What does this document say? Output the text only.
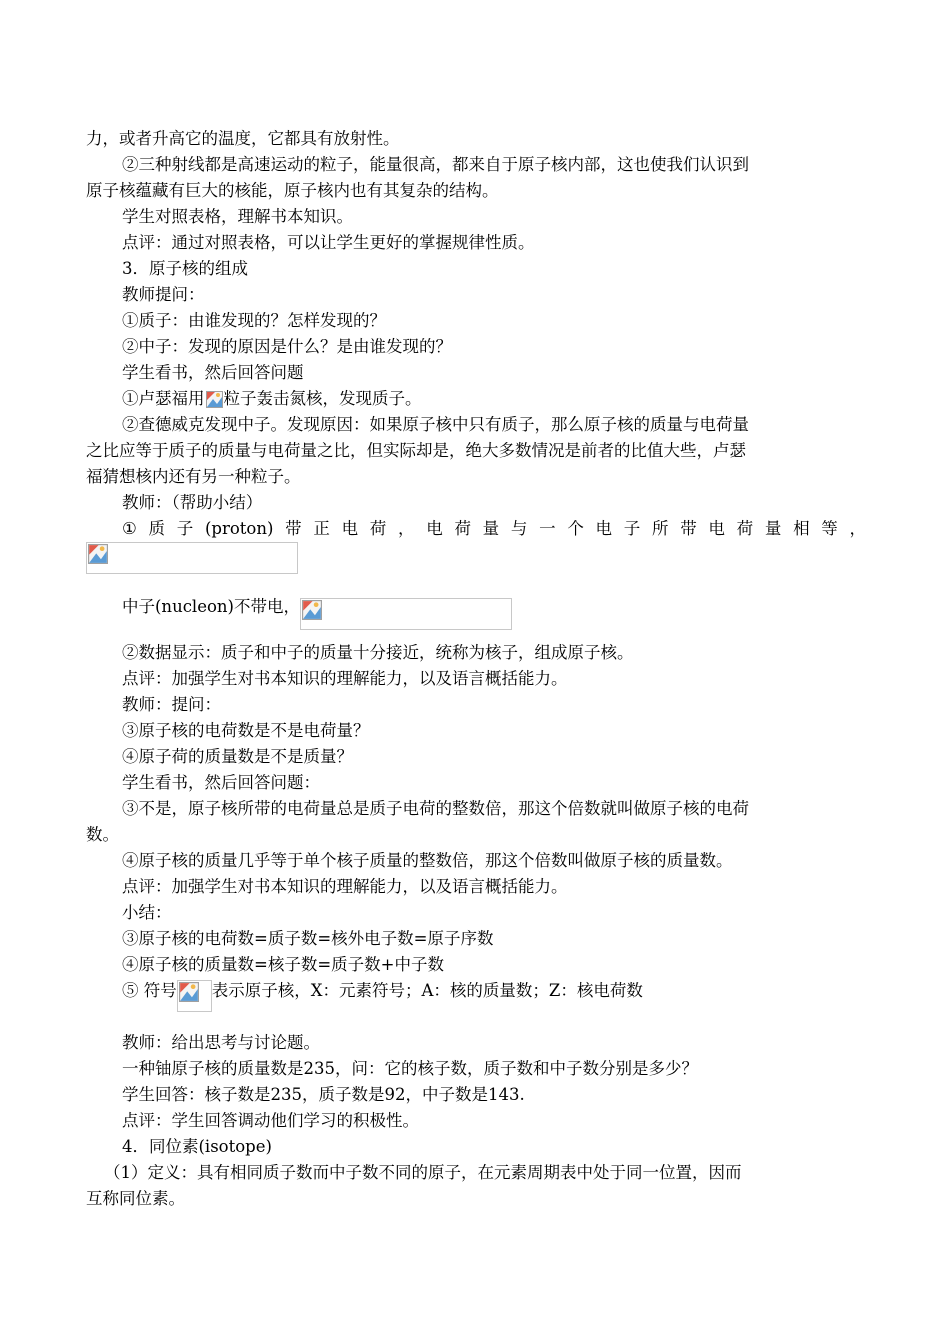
力，或者升高它的温度，它都具有放射性。
②三种射线都是高速运动的粒子，能量很高，都来自于原子核内部，这也使我们认识到
原子核蕴藏有巨大的核能，原子核内也有其复杂的结构。
学生对照表格，理解书本知识。
点评：通过对照表格，可以让学生更好的掌握规律性质。
3．原子核的组成
教师提问：
①质子：由谁发现的？怎样发现的？
②中子：发现的原因是什么？是由谁发现的？
学生看书，然后回答问题
①卢瑟福用 粒子轰击氮核，发现质子。
②查德威克发现中子。发现原因：如果原子核中只有质子，那么原子核的质量与电荷量
之比应等于质子的质量与电荷量之比，但实际却是，绝大多数情况是前者的比值大些，卢瑟
福猜想核内还有另一种粒子。
教师：（帮助小结）
① 质 子 (proton) 带 正 电 荷 ， 电 荷 量 与 一 个 电 子 所 带 电 荷 量 相 等 ，
中子(nucleon)不带电，
②数据显示：质子和中子的质量十分接近，统称为核子，组成原子核。
点评：加强学生对书本知识的理解能力，以及语言概括能力。
教师：提问：
③原子核的电荷数是不是电荷量？
④原子荷的质量数是不是质量？
学生看书，然后回答问题：
③不是，原子核所带的电荷量总是质子电荷的整数倍，那这个倍数就叫做原子核的电荷
数。
④原子核的质量几乎等于单个核子质量的整数倍，那这个倍数叫做原子核的质量数。
点评：加强学生对书本知识的理解能力，以及语言概括能力。
小结：
③原子核的电荷数=质子数=核外电子数=原子序数
④原子核的质量数=核子数=质子数+中子数
⑤ 符号 表示原子核，X：元素符号；A：核的质量数；Z：核电荷数
教师：给出思考与讨论题。
一种铀原子核的质量数是235，问：它的核子数，质子数和中子数分别是多少？
学生回答：核子数是235，质子数是92，中子数是143.
点评：学生回答调动他们学习的积极性。
4．同位素(isotope)
（1）定义：具有相同质子数而中子数不同的原子，在元素周期表中处于同一位置，因而
互称同位素。
